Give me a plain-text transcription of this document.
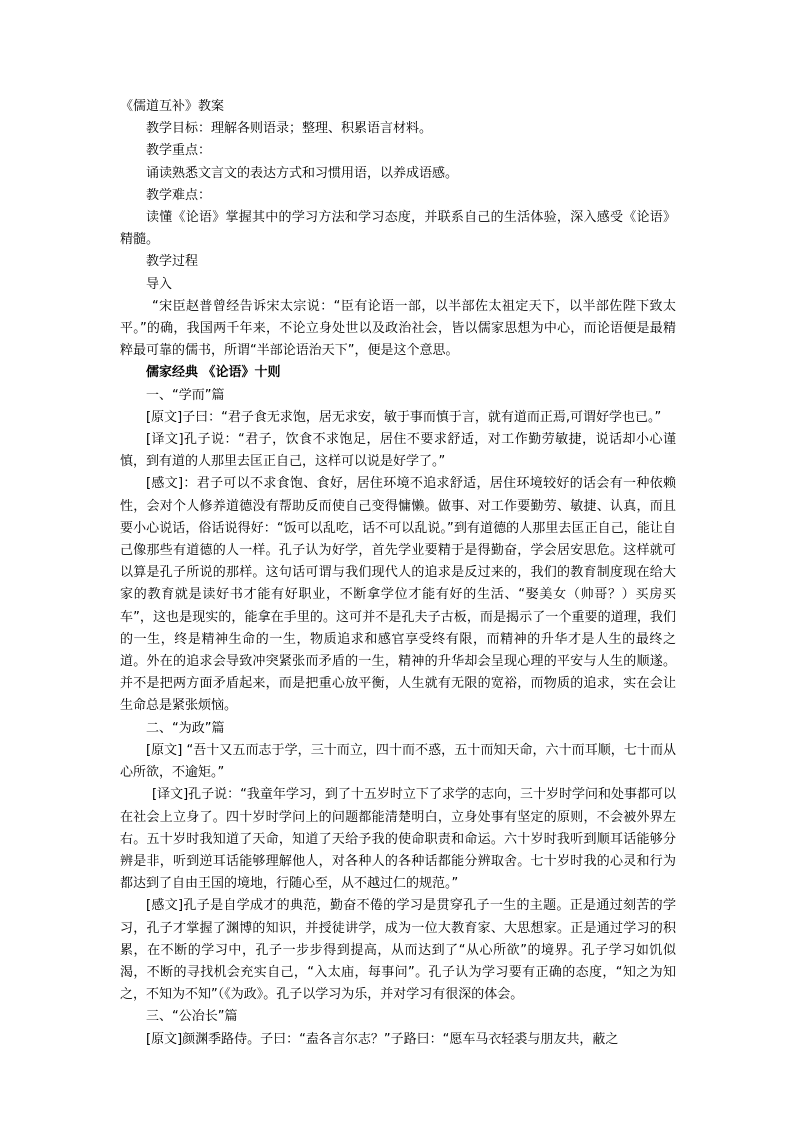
《儒道互补》教案

教学目标：理解各则语录；整理、积累语言材料。

教学重点：

诵读熟悉文言文的表达方式和习惯用语，以养成语感。

教学难点：

读懂《论语》掌握其中的学习方法和学习态度，并联系自己的生活体验，深入感受《论语》精髓。

教学过程

导入

“宋臣赵普曾经告诉宋太宗说：“臣有论语一部，以半部佐太祖定天下，以半部佐陛下致太平。”的确，我国两千年来，不论立身处世以及政治社会，皆以儒家思想为中心，而论语便是最精粹最可靠的儒书，所谓“半部论语治天下”，便是这个意思。

儒家经典 《论语》十则

一、“学而”篇

[原文]子曰：“君子食无求饱，居无求安，敏于事而慎于言，就有道而正焉,可谓好学也已。”

[译文]孔子说：“君子，饮食不求饱足，居住不要求舒适，对工作勤劳敏捷，说话却小心谨慎，到有道的人那里去匡正自己，这样可以说是好学了。”

[感文]：君子可以不求食饱、食好，居住环境不追求舒适，居住环境较好的话会有一种依赖性，会对个人修养道德没有帮助反而使自己变得慵懒。做事、对工作要勤劳、敏捷、认真，而且要小心说话，俗话说得好：“饭可以乱吃，话不可以乱说。”到有道德的人那里去匡正自己，能让自己像那些有道德的人一样。孔子认为好学，首先学业要精于是得勤奋，学会居安思危。这样就可以算是孔子所说的那样。这句话可谓与我们现代人的追求是反过来的，我们的教育制度现在给大家的教育就是读好书才能有好职业，不断拿学位才能有好的生活、“娶美女（帅哥？）买房买车”，这也是现实的，能拿在手里的。这可并不是孔夫子古板，而是揭示了一个重要的道理，我们的一生，终是精神生命的一生，物质追求和感官享受终有限，而精神的升华才是人生的最终之道。外在的追求会导致冲突紧张而矛盾的一生，精神的升华却会呈现心理的平安与人生的顺遂。并不是把两方面矛盾起来，而是把重心放平衡，人生就有无限的宽裕，而物质的追求，实在会让生命总是紧张烦恼。

二、“为政”篇

[原文] “吾十又五而志于学，三十而立，四十而不惑，五十而知天命，六十而耳顺，七十而从心所欲，不逾矩。”

[译文]孔子说：“我童年学习，到了十五岁时立下了求学的志向，三十岁时学问和处事都可以在社会上立身了。四十岁时学问上的问题都能清楚明白，立身处事有坚定的原则，不会被外界左右。五十岁时我知道了天命，知道了天给予我的使命职责和命运。六十岁时我听到顺耳话能够分辨是非，听到逆耳话能够理解他人，对各种人的各种话都能分辨取舍。七十岁时我的心灵和行为都达到了自由王国的境地，行随心至，从不越过仁的规范。”

[感文]孔子是自学成才的典范，勤奋不倦的学习是贯穿孔子一生的主题。正是通过刻苦的学习，孔子才掌握了渊博的知识，并授徒讲学，成为一位大教育家、大思想家。正是通过学习的积累，在不断的学习中，孔子一步步得到提高，从而达到了“从心所欲”的境界。孔子学习如饥似渴，不断的寻找机会充实自己，“入太庙，每事问”。孔子认为学习要有正确的态度，“知之为知之，不知为不知”（《为政》。孔子以学习为乐，并对学习有很深的体会。

三、“公冶长”篇

[原文]颜渊季路侍。子曰：“盍各言尔志？”子路曰：“愿车马衣轻裘与朋友共，蔽之
